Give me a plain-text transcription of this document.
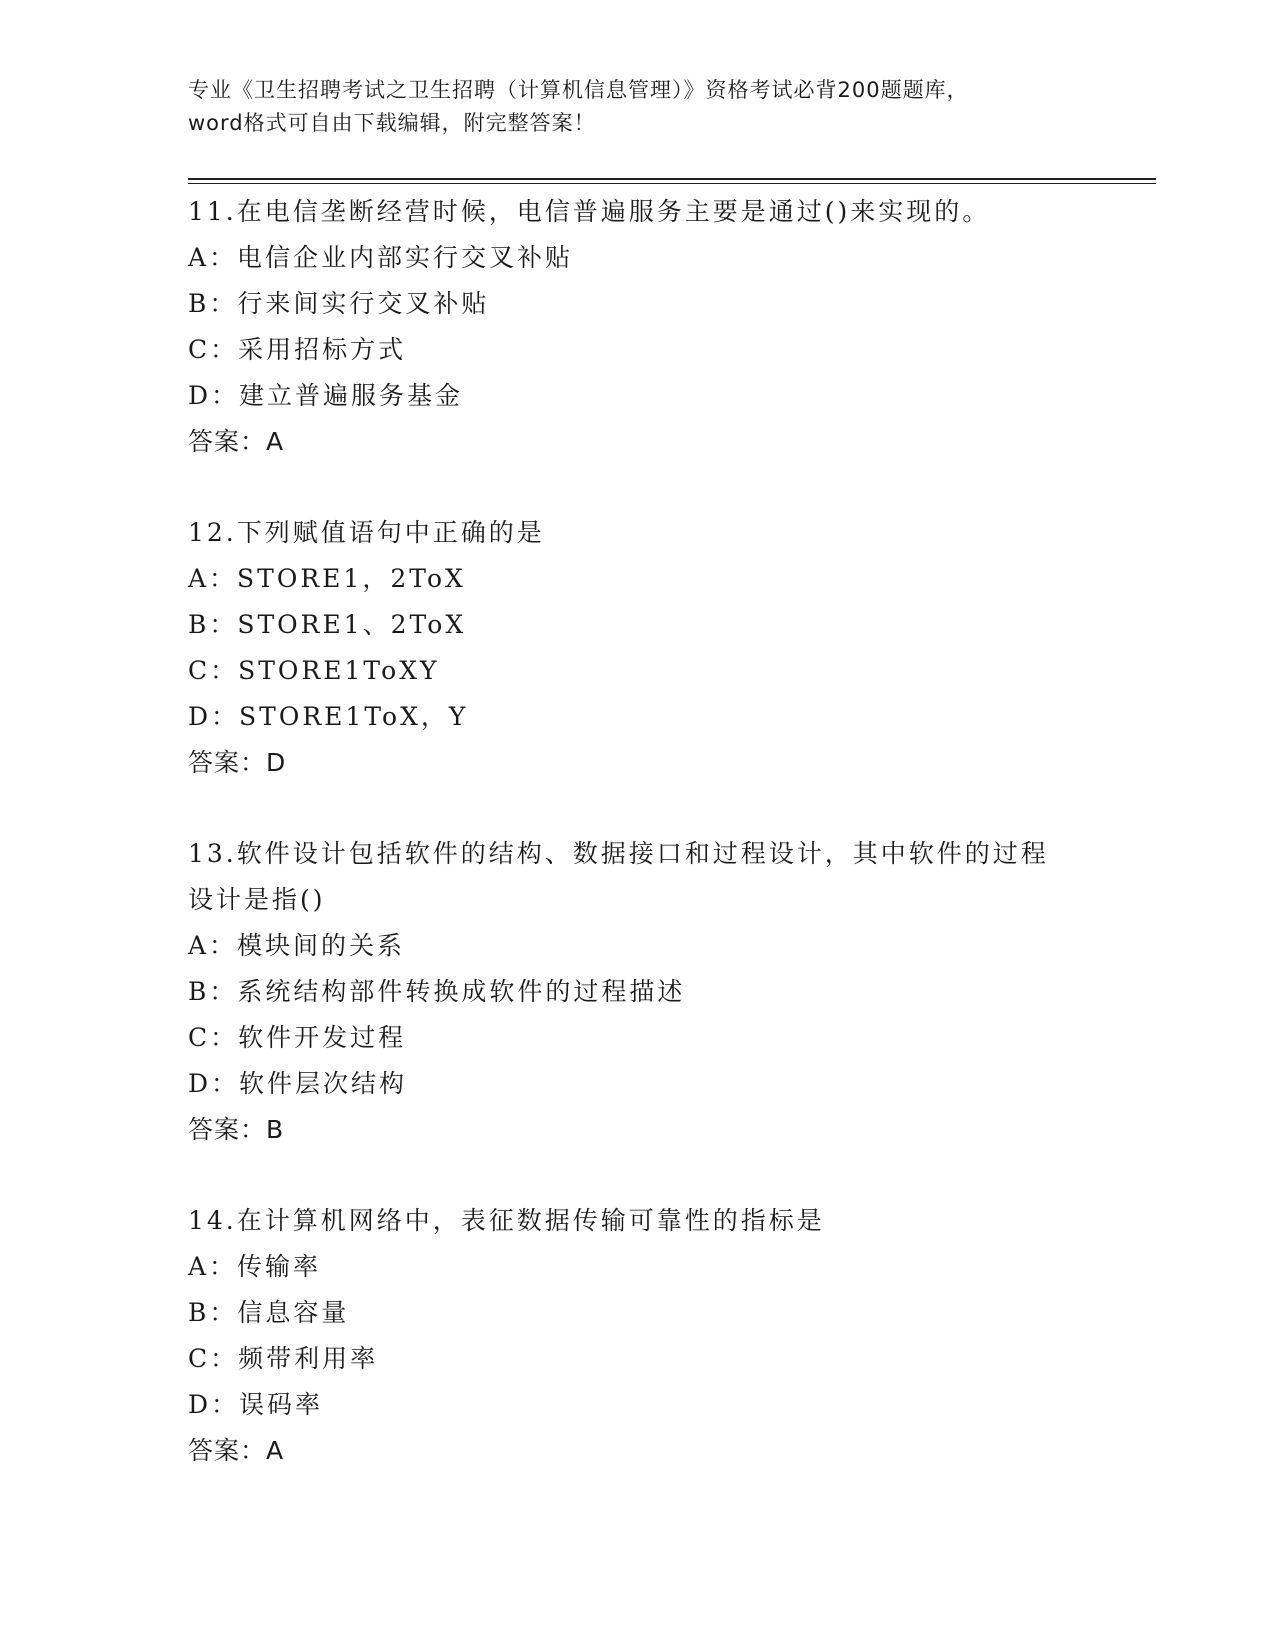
专业《卫生招聘考试之卫生招聘（计算机信息管理）》资格考试必背200题题库，
word格式可自由下载编辑，附完整答案！
11.在电信垄断经营时候，电信普遍服务主要是通过()来实现的。
A：电信企业内部实行交叉补贴
B：行来间实行交叉补贴
C：采用招标方式
D：建立普遍服务基金
答案：A
12.下列赋值语句中正确的是
A：STORE1，2ToX
B：STORE1、2ToX
C：STORE1ToXY
D：STORE1ToX，Y
答案：D
13.软件设计包括软件的结构、数据接口和过程设计，其中软件的过程
设计是指()
A：模块间的关系
B：系统结构部件转换成软件的过程描述
C：软件开发过程
D：软件层次结构
答案：B
14.在计算机网络中，表征数据传输可靠性的指标是
A：传输率
B：信息容量
C：频带利用率
D：误码率
答案：A
